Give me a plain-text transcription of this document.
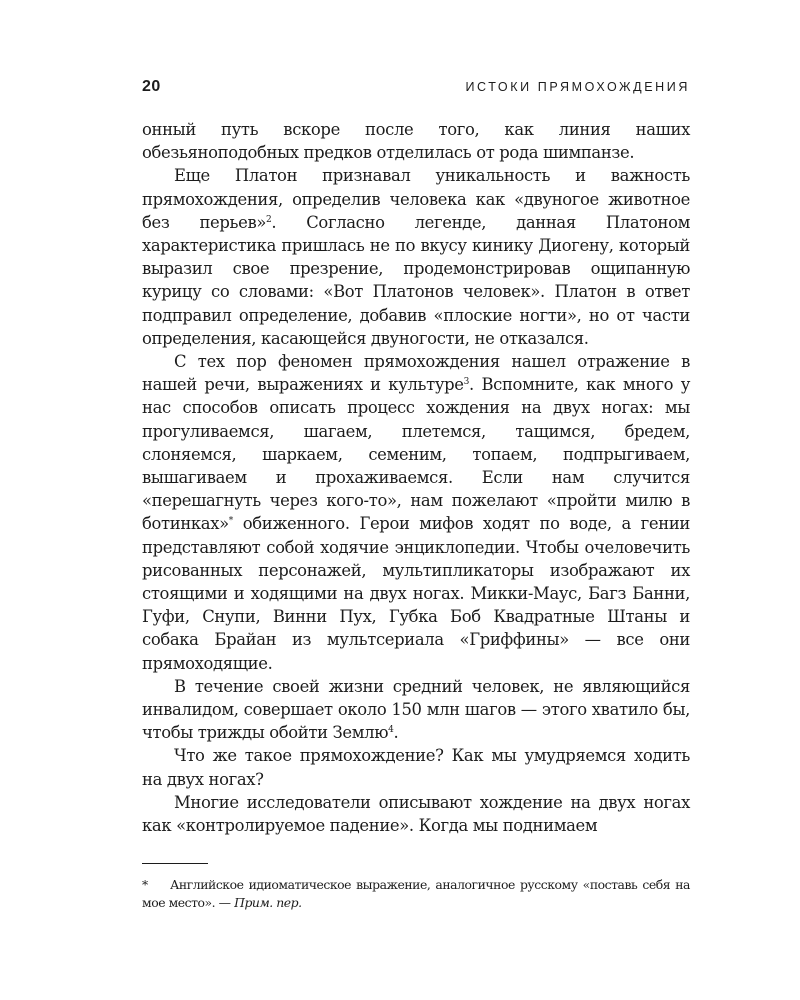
20	ИСТОКИ ПРЯМОХОЖДЕНИЯ

онный путь вскоре после того, как линия наших обезьяноподобных предков отделилась от рода шимпанзе.

Еще Платон признавал уникальность и важность прямохождения, определив человека как «двуногое животное без перьев»$^2$. Согласно легенде, данная Платоном характеристика пришлась не по вкусу кинику Диогену, который выразил свое презрение, продемонстрировав ощипанную курицу со словами: «Вот Платонов человек». Платон в ответ подправил определение, добавив «плоские ногти», но от части определения, касающейся двуногости, не отказался.

С тех пор феномен прямохождения нашел отражение в нашей речи, выражениях и культуре$^3$. Вспомните, как много у нас способов описать процесс хождения на двух ногах: мы прогуливаемся, шагаем, плетемся, тащимся, бредем, слоняемся, шаркаем, семеним, топаем, подпрыгиваем, вышагиваем и прохаживаемся. Если нам случится «перешагнуть через кого-то», нам пожелают «пройти милю в ботинках»* обиженного. Герои мифов ходят по воде, а гении представляют собой ходячие энциклопедии. Чтобы очеловечить рисованных персонажей, мультипликаторы изображают их стоящими и ходящими на двух ногах. Микки-Маус, Багз Банни, Гуфи, Снупи, Винни Пух, Губка Боб Квадратные Штаны и собака Брайан из мультсериала «Гриффины» — все они прямоходящие.

В течение своей жизни средний человек, не являющийся инвалидом, совершает около 150 млн шагов — этого хватило бы, чтобы трижды обойти Землю$^4$.

Что же такое прямохождение? Как мы умудряемся ходить на двух ногах?

Многие исследователи описывают хождение на двух ногах как «контролируемое падение». Когда мы поднимаем

* Английское идиоматическое выражение, аналогичное русскому «поставь себя на мое место». — Прим. пер.
